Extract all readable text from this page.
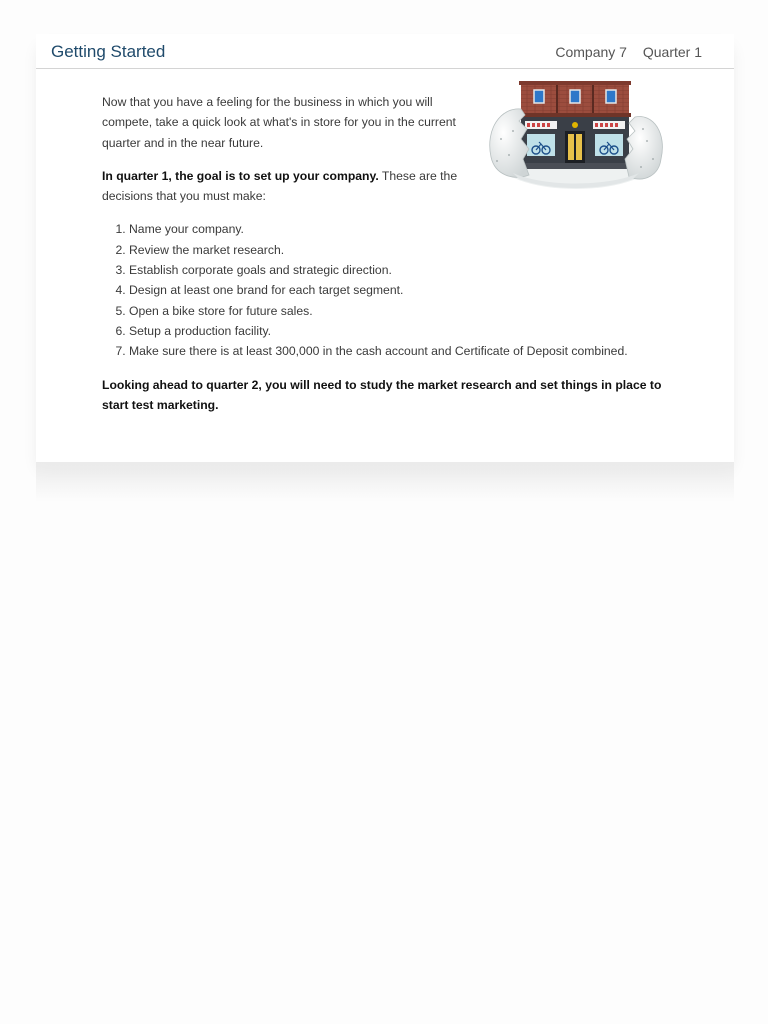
Getting Started	Company 7 Quarter 1

Now that you have a feeling for the business in which you will compete, take a quick look at what's in store for you in the current quarter and in the near future.

In quarter 1, the goal is to set up your company. These are the decisions that you must make:

1. Name your company.
2. Review the market research.
3. Establish corporate goals and strategic direction.
4. Design at least one brand for each target segment.
5. Open a bike store for future sales.
6. Setup a production facility.
7. Make sure there is at least 300,000 in the cash account and Certificate of Deposit combined.

Looking ahead to quarter 2, you will need to study the market research and set things in place to start test marketing.
